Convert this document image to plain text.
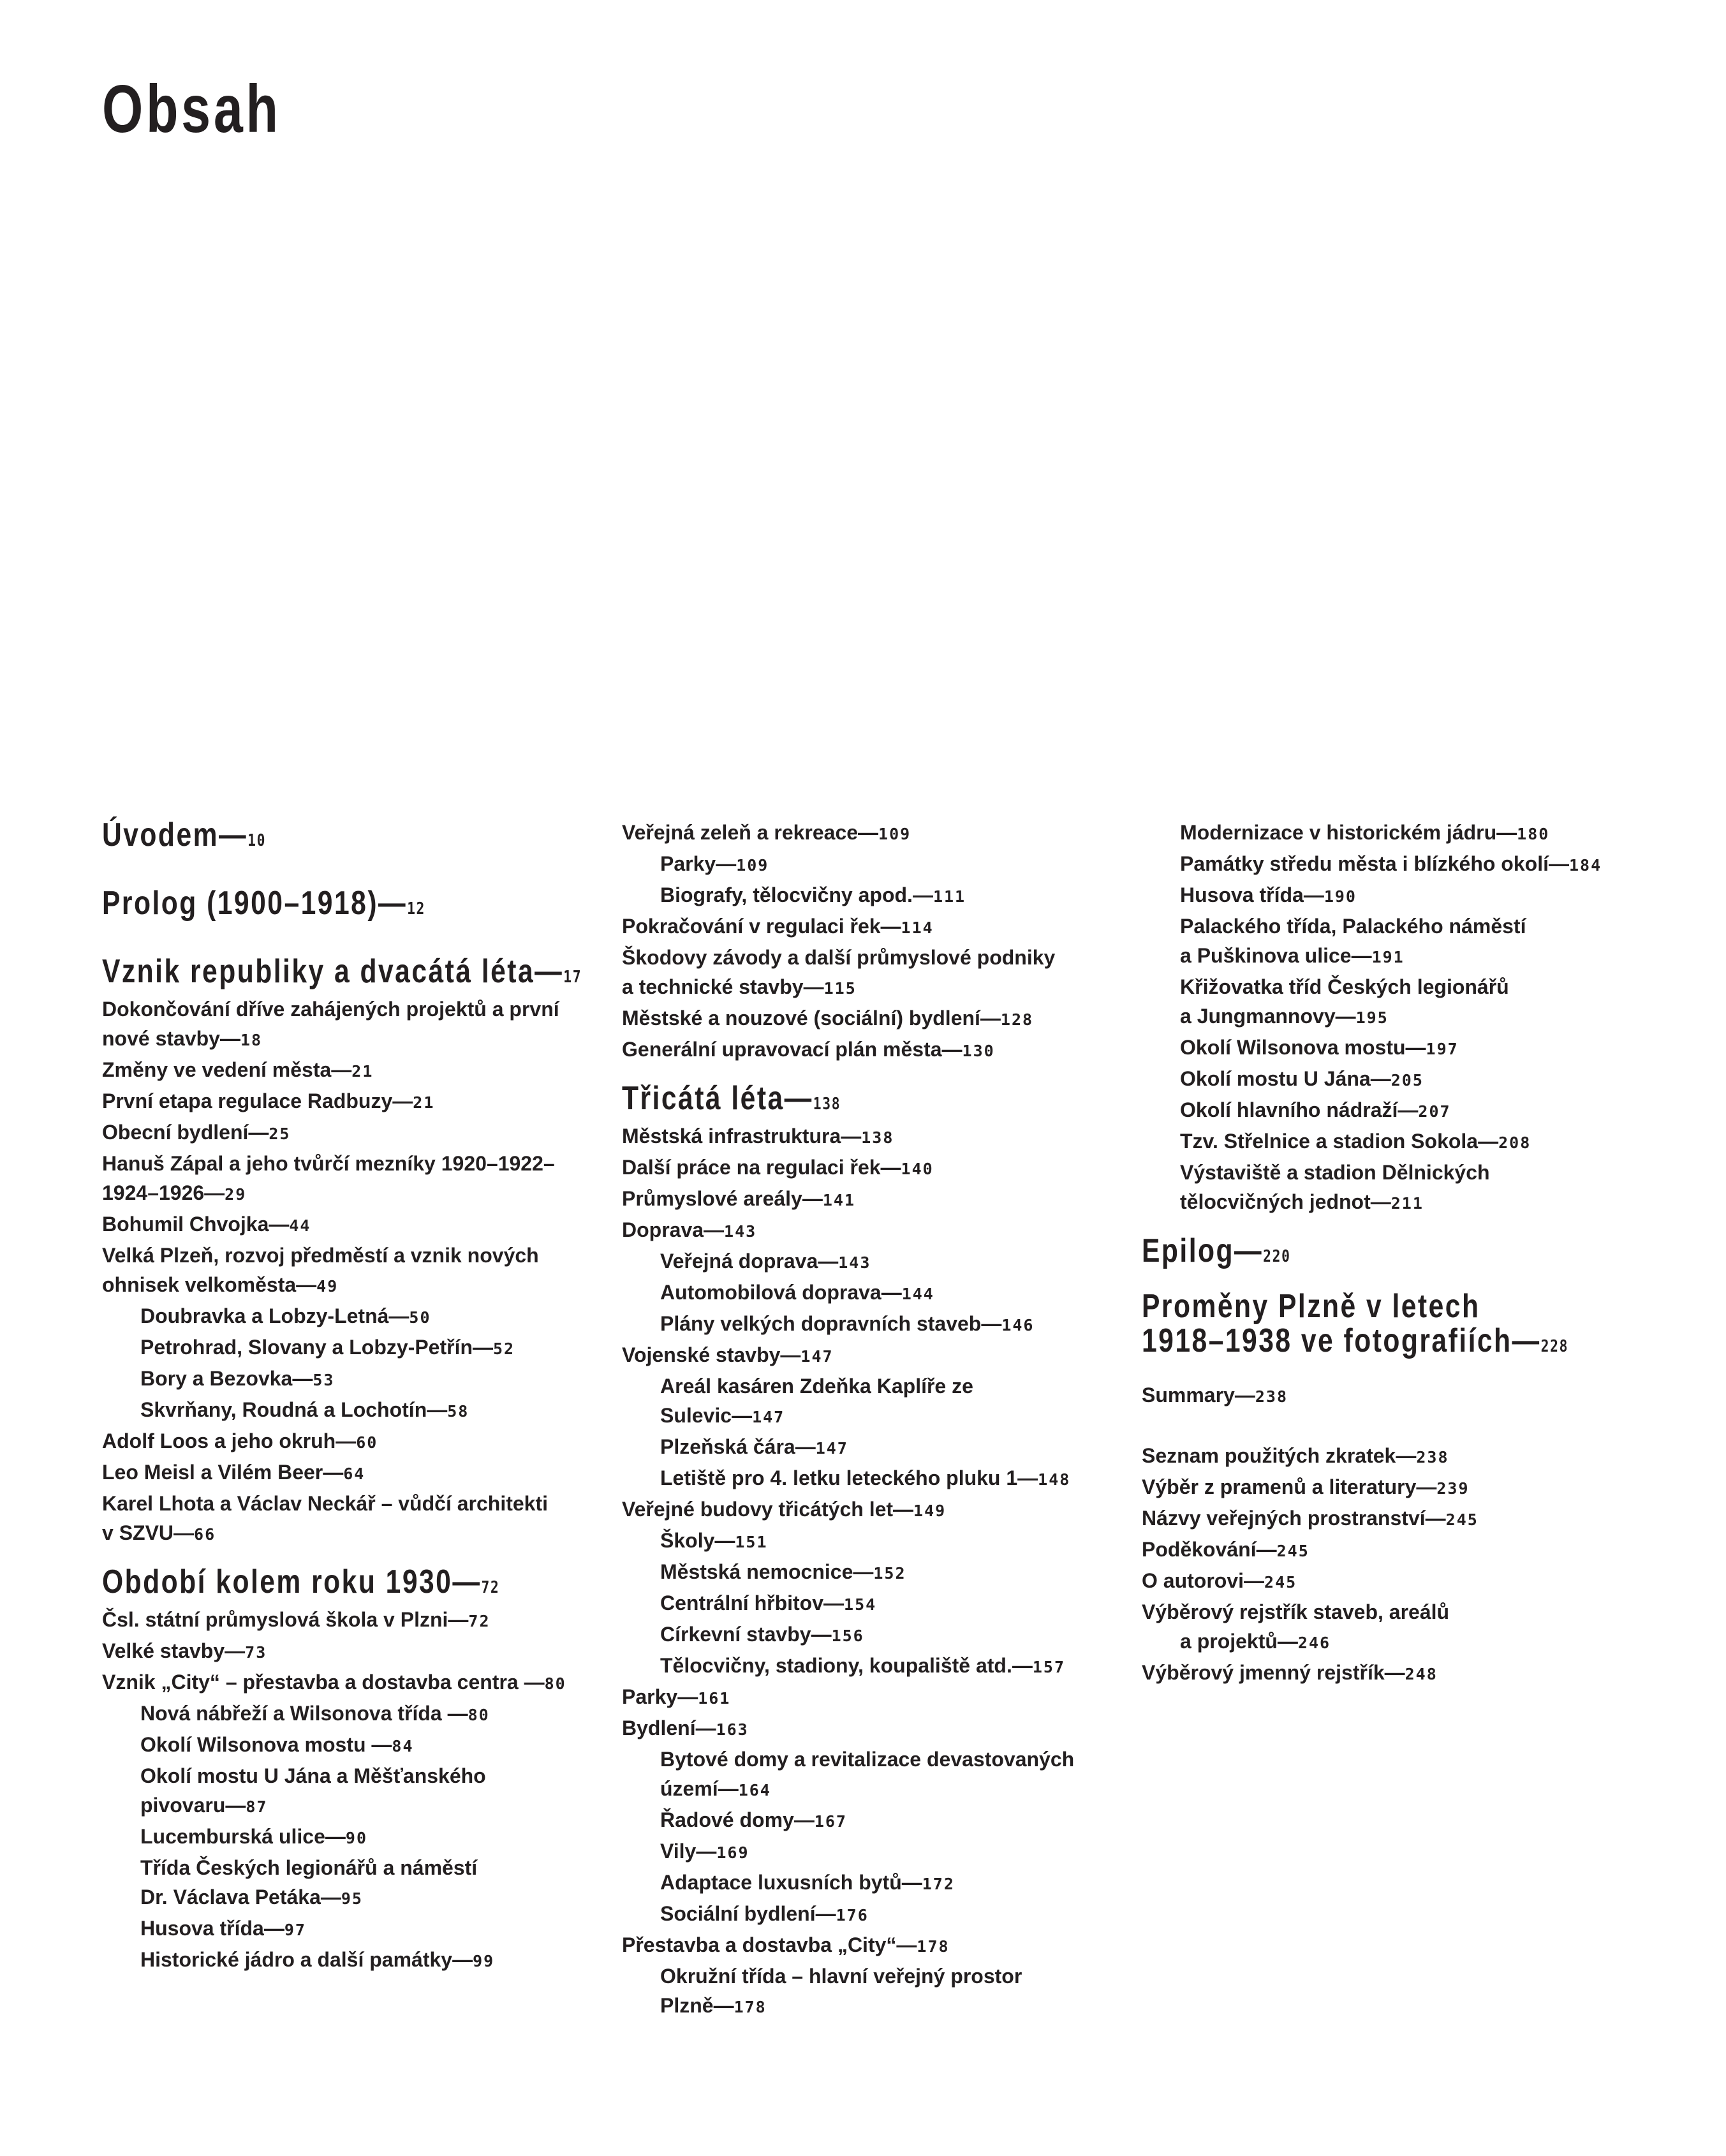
Obsah
Úvodem—10
Prolog (1900–1918)—12
Vznik republiky a dvacátá léta—17
Dokončování dříve zahájených projektů a první
nové stavby—18
Změny ve vedení města—21
První etapa regulace Radbuzy—21
Obecní bydlení—25
Hanuš Zápal a jeho tvůrčí mezníky 1920–1922–
1924–1926—29
Bohumil Chvojka—44
Velká Plzeň, rozvoj předměstí a vznik nových
ohnisek velkoměsta—49
Doubravka a Lobzy-Letná—50
Petrohrad, Slovany a Lobzy-Petřín—52
Bory a Bezovka—53
Skvrňany, Roudná a Lochotín—58
Adolf Loos a jeho okruh—60
Leo Meisl a Vilém Beer—64
Karel Lhota a Václav Neckář – vůdčí architekti
v SZVU—66
Období kolem roku 1930—72
Čsl. státní průmyslová škola v Plzni—72
Velké stavby—73
Vznik „City“ – přestavba a dostavba centra —80
Nová nábřeží a Wilsonova třída —80
Okolí Wilsonova mostu —84
Okolí mostu U Jána a Měšťanského
pivovaru—87
Lucemburská ulice—90
Třída Českých legionářů a náměstí
Dr. Václava Petáka—95
Husova třída—97
Historické jádro a další památky—99
Veřejná zeleň a rekreace—109
Parky—109
Biografy, tělocvičny apod.—111
Pokračování v regulaci řek—114
Škodovy závody a další průmyslové podniky
a technické stavby—115
Městské a nouzové (sociální) bydlení—128
Generální upravovací plán města—130
Třicátá léta—138
Městská infrastruktura—138
Další práce na regulaci řek—140
Průmyslové areály—141
Doprava—143
Veřejná doprava—143
Automobilová doprava—144
Plány velkých dopravních staveb—146
Vojenské stavby—147
Areál kasáren Zdeňka Kaplíře ze
Sulevic—147
Plzeňská čára—147
Letiště pro 4. letku leteckého pluku 1—148
Veřejné budovy třicátých let—149
Školy—151
Městská nemocnice—152
Centrální hřbitov—154
Církevní stavby—156
Tělocvičny, stadiony, koupaliště atd.—157
Parky—161
Bydlení—163
Bytové domy a revitalizace devastovaných
území—164
Řadové domy—167
Vily—169
Adaptace luxusních bytů—172
Sociální bydlení—176
Přestavba a dostavba „City“—178
Okružní třída – hlavní veřejný prostor
Plzně—178
Modernizace v historickém jádru—180
Památky středu města i blízkého okolí—184
Husova třída—190
Palackého třída, Palackého náměstí
a Puškinova ulice—191
Křižovatka tříd Českých legionářů
a Jungmannovy—195
Okolí Wilsonova mostu—197
Okolí mostu U Jána—205
Okolí hlavního nádraží—207
Tzv. Střelnice a stadion Sokola—208
Výstaviště a stadion Dělnických
tělocvičných jednot—211
Epilog—220
Proměny Plzně v letech
1918–1938 ve fotografiích—228
Summary—238
Seznam použitých zkratek—238
Výběr z pramenů a literatury—239
Názvy veřejných prostranství—245
Poděkování—245
O autorovi—245
Výběrový rejstřík staveb, areálů
a projektů—246
Výběrový jmenný rejstřík—248
